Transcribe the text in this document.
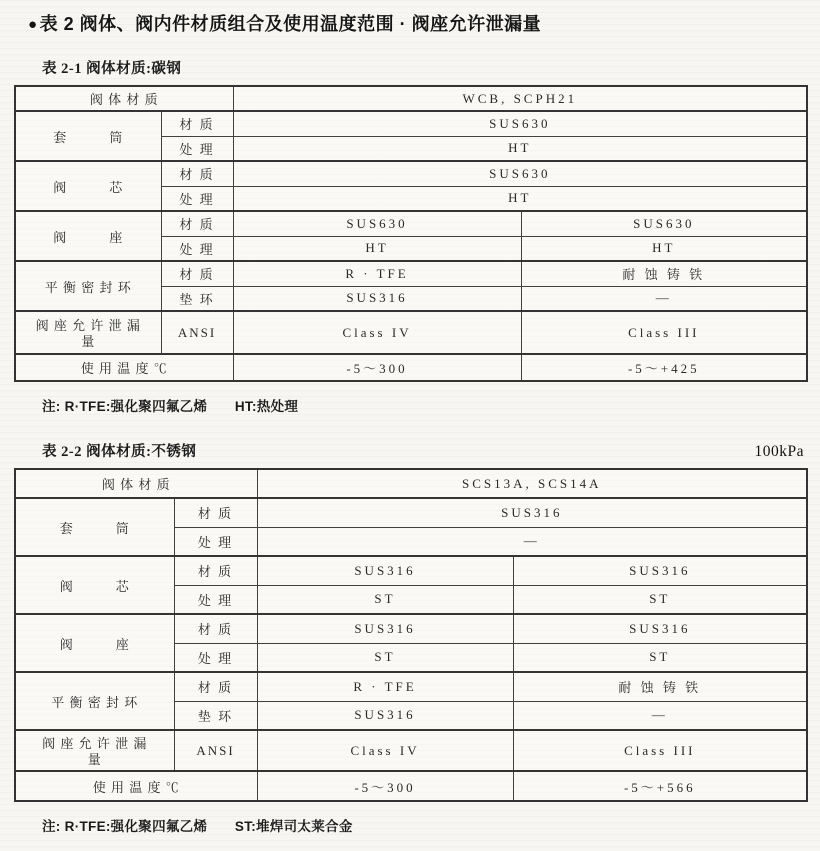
● 表 2 阀体、阀内件材质组合及使用温度范围 · 阀座允许泄漏量
表 2-1 阀体材质:碳钢
阀 体 材 质		WCB, SCPH21	
套　　　筒	材 质	SUS630	
	处 理	HT	
阀　　　芯	材 质	SUS630	
	处 理	HT	
阀　　　座	材 质	SUS630	SUS630
	处 理	HT	HT
平 衡 密 封 环	材 质	R · TFE	耐 蚀 铸 铁
	垫 环	SUS316	—
阀 座 允 许 泄 漏
量	ANSI	Class IV	Class III
使 用 温 度 ℃		-5～300	-5～+425
注: R·TFE:强化聚四氟乙烯　　HT:热处理
表 2-2 阀体材质:不锈钢	100kPa
阀 体 材 质		SCS13A, SCS14A	
套　　　筒	材 质	SUS316	
	处 理	—	
阀　　　芯	材 质	SUS316	SUS316
	处 理	ST	ST
阀　　　座	材 质	SUS316	SUS316
	处 理	ST	ST
平 衡 密 封 环	材 质	R · TFE	耐 蚀 铸 铁
	垫 环	SUS316	—
阀 座 允 许 泄 漏
量	ANSI	Class IV	Class III
使 用 温 度 ℃		-5～300	-5～+566
注: R·TFE:强化聚四氟乙烯　　ST:堆焊司太莱合金
